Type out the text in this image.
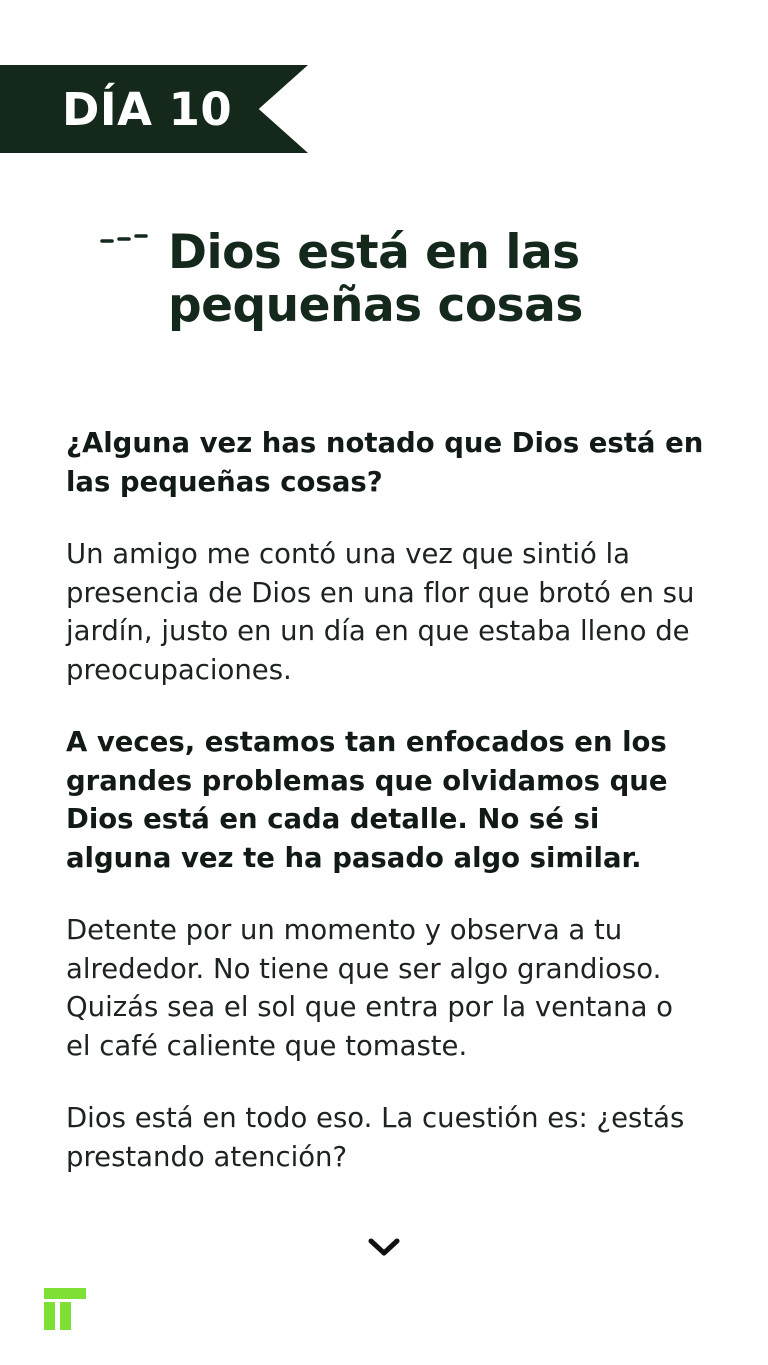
DÍA 10
Dios está en las pequeñas cosas

¿Alguna vez has notado que Dios está en las pequeñas cosas?

Un amigo me contó una vez que sintió la presencia de Dios en una flor que brotó en su jardín, justo en un día en que estaba lleno de preocupaciones.

A veces, estamos tan enfocados en los grandes problemas que olvidamos que Dios está en cada detalle. No sé si alguna vez te ha pasado algo similar.

Detente por un momento y observa a tu alrededor. No tiene que ser algo grandioso. Quizás sea el sol que entra por la ventana o el café caliente que tomaste.

Dios está en todo eso. La cuestión es: ¿estás prestando atención?
